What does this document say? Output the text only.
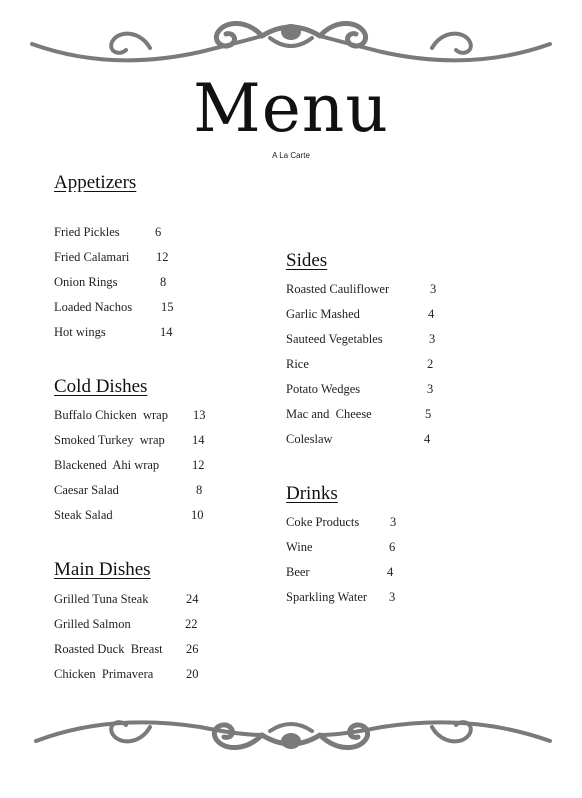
Menu
A La Carte
Appetizers
Fried Pickles	6
Fried Calamari 12
Onion Rings	8
Loaded Nachos 15
Hot wings	14
Cold Dishes
Buffalo Chicken  wrap 13
Smoked Turkey  wrap 14
Blackened  Ahi wrap	12
Caesar Salad	8
Steak Salad	10
Main Dishes
Grilled Tuna Steak	24
Grilled Salmon	22
Roasted Duck  Breast 26
Chicken  Primavera	20
Sides
Roasted Cauliflower	3
Garlic Mashed	4
Sauteed Vegetables	3
Rice	2
Potato Wedges	3
Mac and  Cheese	5
Coleslaw	4
Drinks
Coke Products 3
Wine	6
Beer	4
Sparkling Water 3
